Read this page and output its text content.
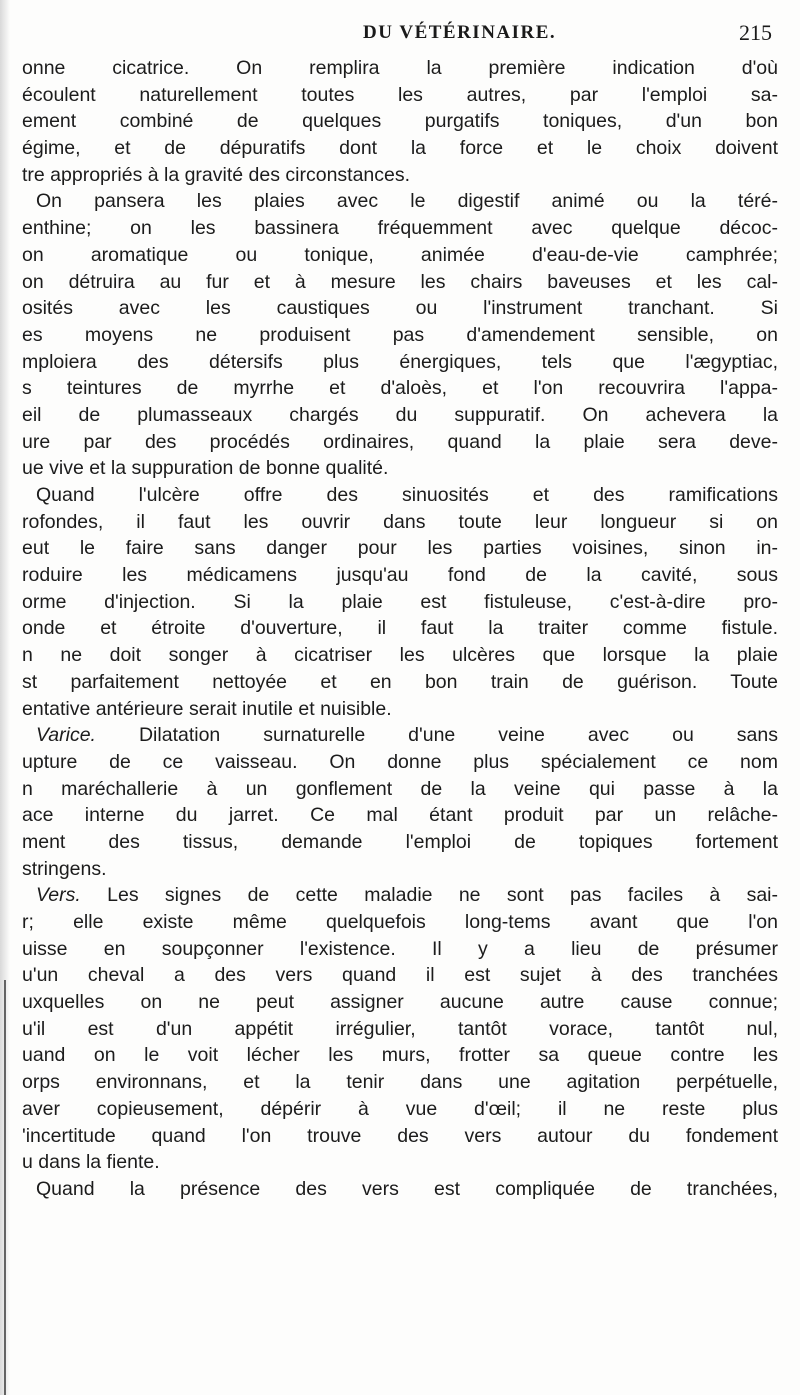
DU VÉTÉRINAIRE.	215
onne cicatrice. On remplira la première indication d'où
écoulent naturellement toutes les autres, par l'emploi sa-
ement combiné de quelques purgatifs toniques, d'un bon
égime, et de dépuratifs dont la force et le choix doivent
tre appropriés à la gravité des circonstances.
On pansera les plaies avec le digestif animé ou la téré-
enthine; on les bassinera fréquemment avec quelque décoc-
on aromatique ou tonique, animée d'eau-de-vie camphrée;
on détruira au fur et à mesure les chairs baveuses et les cal-
osités avec les caustiques ou l'instrument tranchant. Si
es moyens ne produisent pas d'amendement sensible, on
mploiera des détersifs plus énergiques, tels que l'ægyptiac,
s teintures de myrrhe et d'aloès, et l'on recouvrira l'appa-
eil de plumasseaux chargés du suppuratif. On achevera la
ure par des procédés ordinaires, quand la plaie sera deve-
ue vive et la suppuration de bonne qualité.
Quand l'ulcère offre des sinuosités et des ramifications
rofondes, il faut les ouvrir dans toute leur longueur si on
eut le faire sans danger pour les parties voisines, sinon in-
roduire les médicamens jusqu'au fond de la cavité, sous
orme d'injection. Si la plaie est fistuleuse, c'est-à-dire pro-
onde et étroite d'ouverture, il faut la traiter comme fistule.
n ne doit songer à cicatriser les ulcères que lorsque la plaie
st parfaitement nettoyée et en bon train de guérison. Toute
entative antérieure serait inutile et nuisible.
Varice. Dilatation surnaturelle d'une veine avec ou sans
upture de ce vaisseau. On donne plus spécialement ce nom
n maréchallerie à un gonflement de la veine qui passe à la
ace interne du jarret. Ce mal étant produit par un relâche-
ment des tissus, demande l'emploi de topiques fortement
stringens.
Vers. Les signes de cette maladie ne sont pas faciles à sai-
r; elle existe même quelquefois long-tems avant que l'on
uisse en soupçonner l'existence. Il y a lieu de présumer
u'un cheval a des vers quand il est sujet à des tranchées
uxquelles on ne peut assigner aucune autre cause connue;
u'il est d'un appétit irrégulier, tantôt vorace, tantôt nul,
uand on le voit lécher les murs, frotter sa queue contre les
orps environnans, et la tenir dans une agitation perpétuelle,
aver copieusement, dépérir à vue d'œil; il ne reste plus
'incertitude quand l'on trouve des vers autour du fondement
u dans la fiente.
Quand la présence des vers est compliquée de tranchées,
